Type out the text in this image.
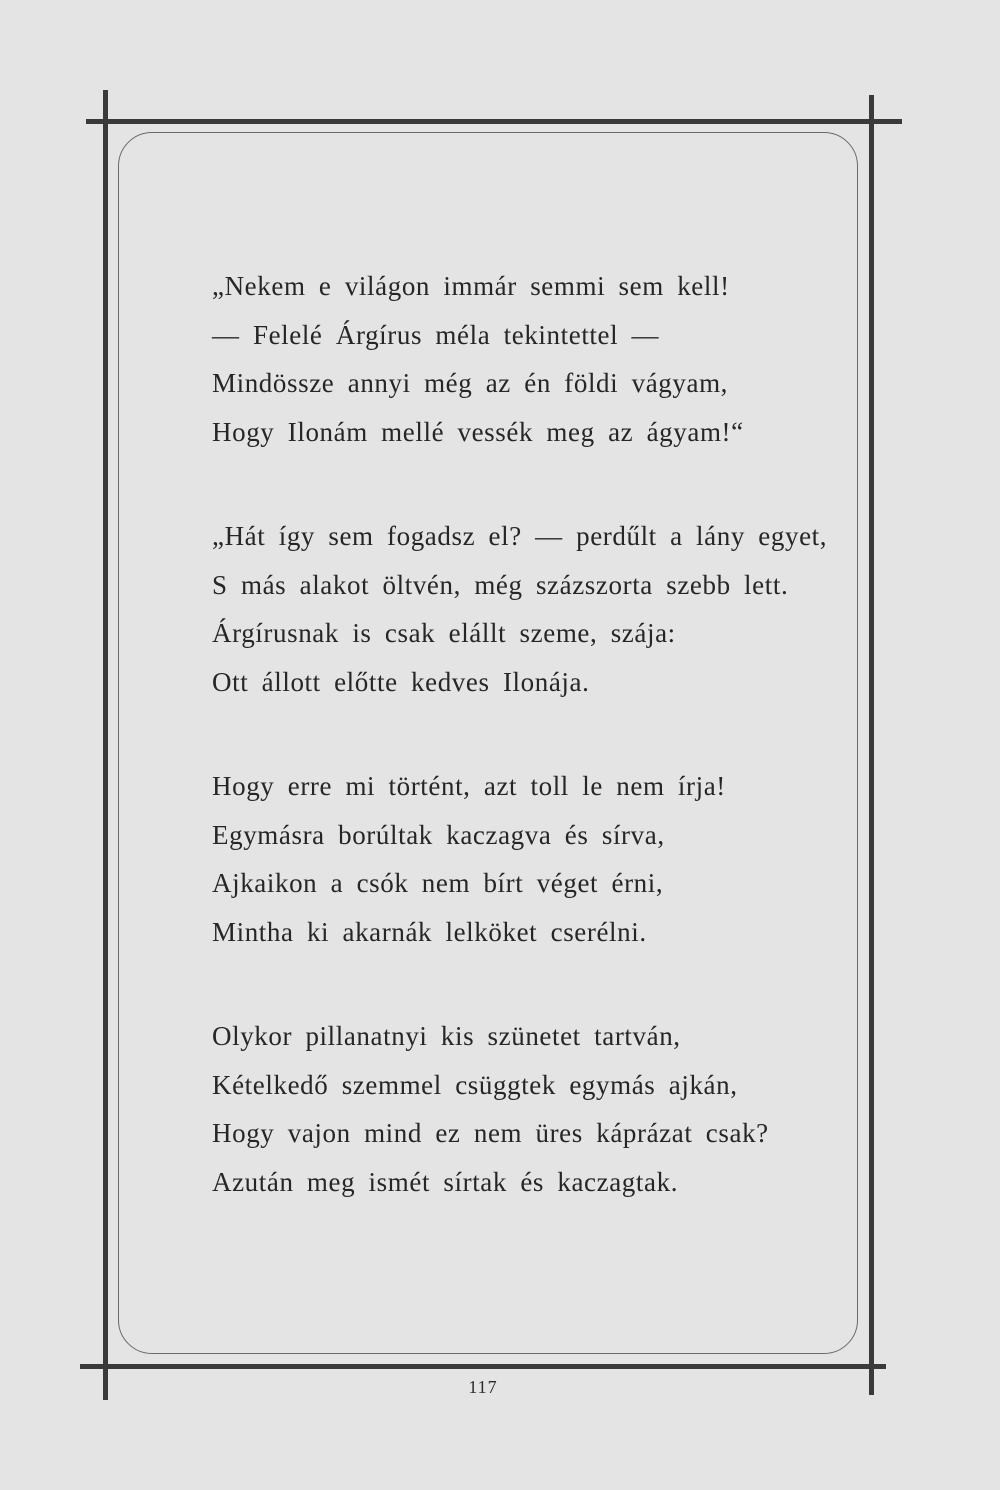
„Nekem e világon immár semmi sem kell!
— Felelé Árgírus méla tekintettel —
Mindössze annyi még az én földi vágyam,
Hogy Ilonám mellé vessék meg az ágyam!“
„Hát így sem fogadsz el? — perdűlt a lány egyet,
S más alakot öltvén, még százszorta szebb lett.
Árgírusnak is csak elállt szeme, szája:
Ott állott előtte kedves Ilonája.
Hogy erre mi történt, azt toll le nem írja!
Egymásra borúltak kaczagva és sírva,
Ajkaikon a csók nem bírt véget érni,
Mintha ki akarnák lelköket cserélni.
Olykor pillanatnyi kis szünetet tartván,
Kételkedő szemmel csüggtek egymás ajkán,
Hogy vajon mind ez nem üres káprázat csak?
Azután meg ismét sírtak és kaczagtak.
117
